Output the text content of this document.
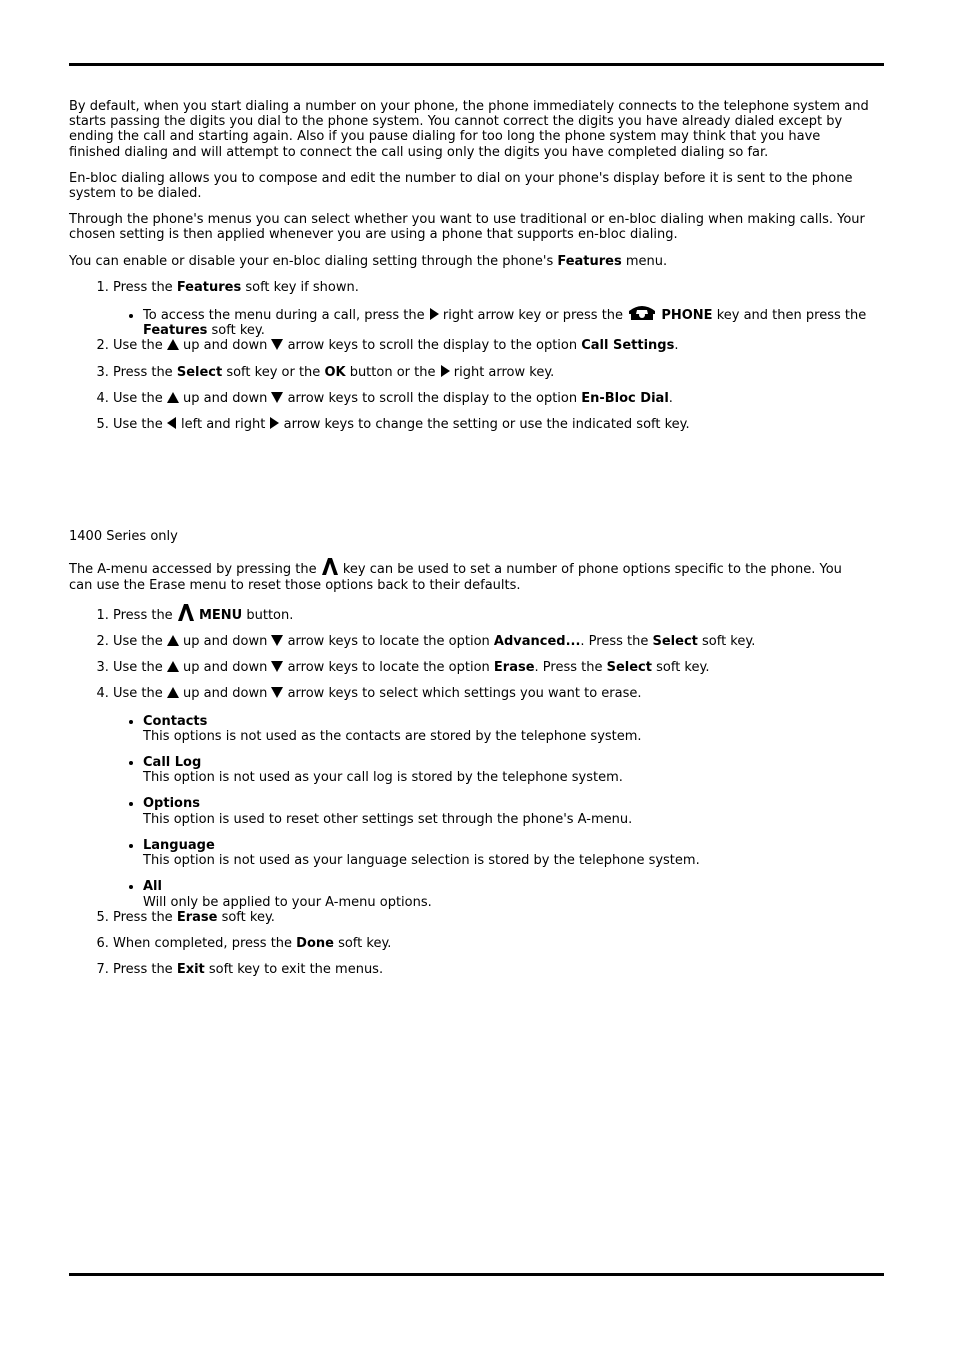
By default, when you start dialing a number on your phone, the phone immediately connects to the telephone system and starts passing the digits you dial to the phone system. You cannot correct the digits you have already dialed except by ending the call and starting again. Also if you pause dialing for too long the phone system may think that you have finished dialing and will attempt to connect the call using only the digits you have completed dialing so far.

En-bloc dialing allows you to compose and edit the number to dial on your phone's display before it is sent to the phone system to be dialed.

Through the phone's menus you can select whether you want to use traditional or en-bloc dialing when making calls. Your chosen setting is then applied whenever you are using a phone that supports en-bloc dialing.

You can enable or disable your en-bloc dialing setting through the phone's Features menu.

1. Press the Features soft key if shown.
• To access the menu during a call, press the  right arrow key or press the	PHONE key and then press the Features soft key.
2. Use the  up and down  arrow keys to scroll the display to the option Call Settings.
3. Press the Select soft key or the OK button or the  right arrow key.
4. Use the  up and down  arrow keys to scroll the display to the option En-Bloc Dial.
5. Use the  left and right  arrow keys to change the setting or use the indicated soft key.

1400 Series only

The A-menu accessed by pressing the  key can be used to set a number of phone options specific to the phone. You can use the Erase menu to reset those options back to their defaults.

1. Press the  MENU button.
2. Use the  up and down  arrow keys to locate the option Advanced.... Press the Select soft key.
3. Use the  up and down  arrow keys to locate the option Erase. Press the Select soft key.
4. Use the  up and down  arrow keys to select which settings you want to erase.
• Contacts
This options is not used as the contacts are stored by the telephone system.
• Call Log
This option is not used as your call log is stored by the telephone system.
• Options
This option is used to reset other settings set through the phone's A-menu.
• Language
This option is not used as your language selection is stored by the telephone system.
• All
Will only be applied to your A-menu options.
5. Press the Erase soft key.
6. When completed, press the Done soft key.
7. Press the Exit soft key to exit the menus.
